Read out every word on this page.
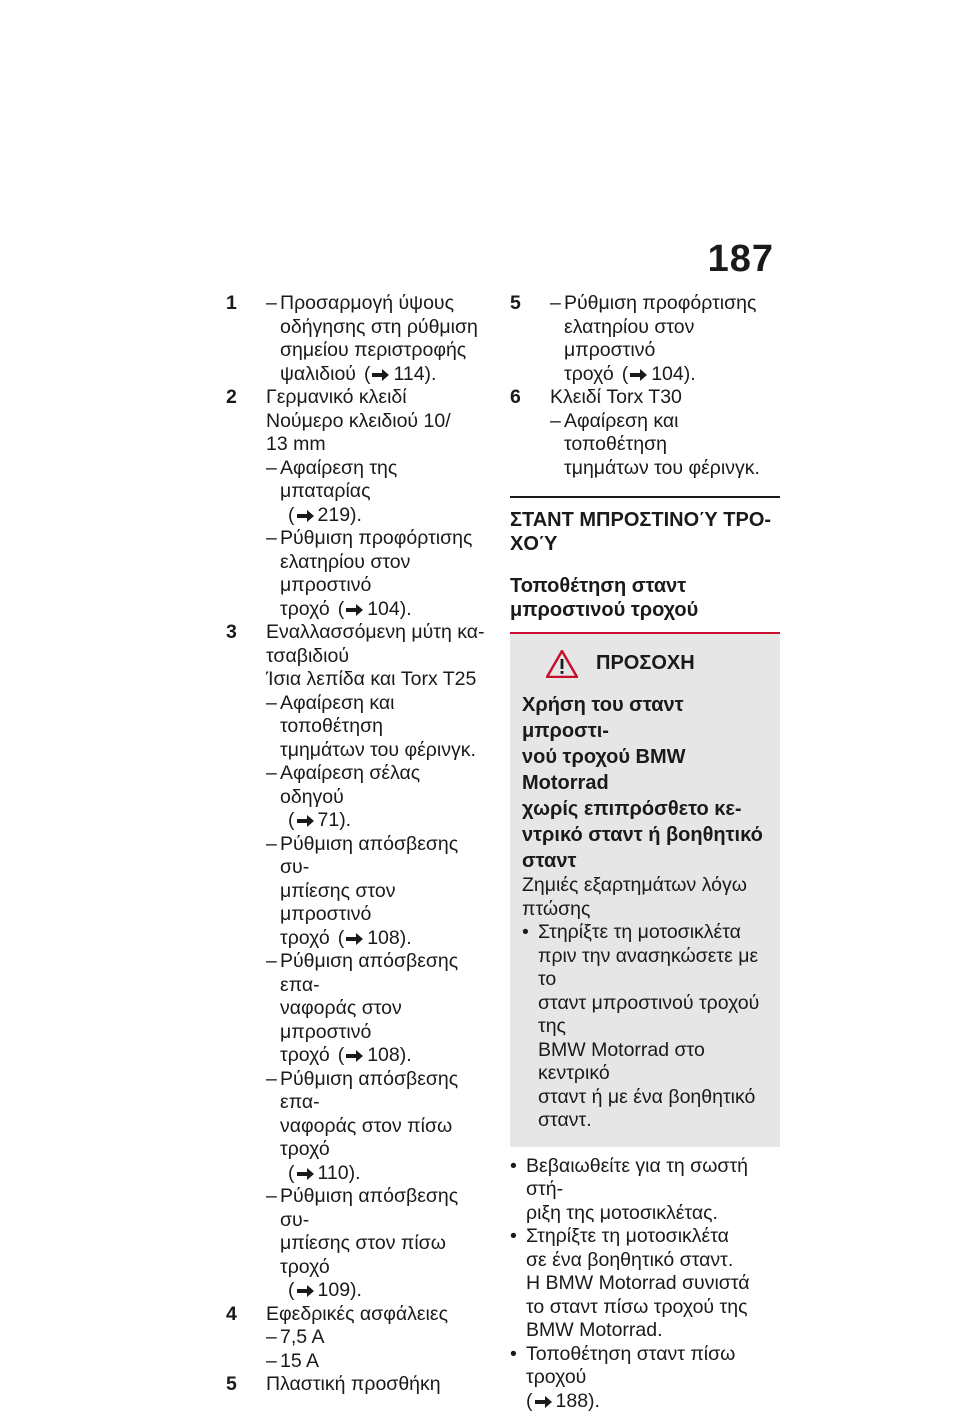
187
1	– Προσαρμογή ύψους
οδήγησης στη ρύθμιση
σημείου περιστροφής
ψαλιδιού ( 114).
2	Γερμανικό κλειδί
Νούμερο κλειδιού 10/
13 mm
– Αφαίρεση της μπαταρίας
( 219).
– Ρύθμιση προφόρτισης
ελατηρίου στον μπροστινό
τροχό ( 104).
3	Εναλλασσόμενη μύτη κα-
τσαβιδιού
Ίσια λεπίδα και Torx T25
– Αφαίρεση και τοποθέτηση
τμημάτων του φέρινγκ.
– Αφαίρεση σέλας οδηγού
( 71).
– Ρύθμιση απόσβεσης συ-
μπίεσης στον μπροστινό
τροχό ( 108).
– Ρύθμιση απόσβεσης επα-
ναφοράς στον μπροστινό
τροχό ( 108).
– Ρύθμιση απόσβεσης επα-
ναφοράς στον πίσω τροχό
( 110).
– Ρύθμιση απόσβεσης συ-
μπίεσης στον πίσω τροχό
( 109).
4	Εφεδρικές ασφάλειες
– 7,5 A
– 15 A
5	Πλαστική προσθήκη
5	– Ρύθμιση προφόρτισης
ελατηρίου στον μπροστινό
τροχό ( 104).
6	Κλειδί Torx T30
– Αφαίρεση και τοποθέτηση
τμημάτων του φέρινγκ.
ΣΤΑΝΤ ΜΠΡΟΣΤΙΝΟΎ ΤΡΟ-
ΧΟΎ
Τοποθέτηση σταντ
μπροστινού τροχού
ΠΡΟΣΟΧΗ
Χρήση του σταντ μπροστι-
νού τροχού BMW Motorrad
χωρίς επιπρόσθετο κε-
ντρικό σταντ ή βοηθητικό
σταντ
Ζημιές εξαρτημάτων λόγω
πτώσης
• Στηρίξτε τη μοτοσικλέτα
πριν την ανασηκώσετε με το
σταντ μπροστινού τροχού της
BMW Motorrad στο κεντρικό
σταντ ή με ένα βοηθητικό
σταντ.
• Βεβαιωθείτε για τη σωστή στή-
ριξη της μοτοσικλέτας.
• Στηρίξτε τη μοτοσικλέτα
σε ένα βοηθητικό σταντ.
Η BMW Motorrad συνιστά
το σταντ πίσω τροχού της
BMW Motorrad.
• Τοποθέτηση σταντ πίσω τροχού
( 188).
